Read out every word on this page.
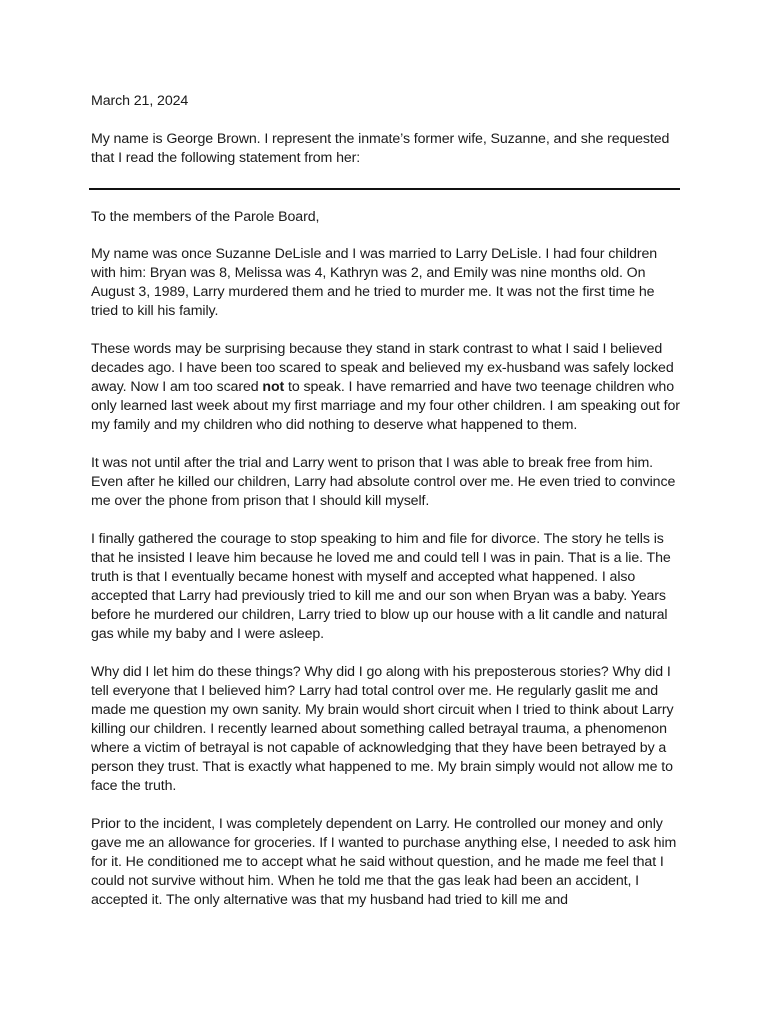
March 21, 2024

My name is George Brown. I represent the inmate’s former wife, Suzanne, and she requested that I read the following statement from her:

To the members of the Parole Board,

My name was once Suzanne DeLisle and I was married to Larry DeLisle. I had four children with him: Bryan was 8, Melissa was 4, Kathryn was 2, and Emily was nine months old. On August 3, 1989, Larry murdered them and he tried to murder me. It was not the first time he tried to kill his family.

These words may be surprising because they stand in stark contrast to what I said I believed decades ago. I have been too scared to speak and believed my ex-husband was safely locked away. Now I am too scared not to speak. I have remarried and have two teenage children who only learned last week about my first marriage and my four other children. I am speaking out for my family and my children who did nothing to deserve what happened to them.

It was not until after the trial and Larry went to prison that I was able to break free from him. Even after he killed our children, Larry had absolute control over me. He even tried to convince me over the phone from prison that I should kill myself.

I finally gathered the courage to stop speaking to him and file for divorce. The story he tells is that he insisted I leave him because he loved me and could tell I was in pain. That is a lie. The truth is that I eventually became honest with myself and accepted what happened. I also accepted that Larry had previously tried to kill me and our son when Bryan was a baby. Years before he murdered our children, Larry tried to blow up our house with a lit candle and natural gas while my baby and I were asleep.

Why did I let him do these things? Why did I go along with his preposterous stories? Why did I tell everyone that I believed him? Larry had total control over me. He regularly gaslit me and made me question my own sanity. My brain would short circuit when I tried to think about Larry killing our children. I recently learned about something called betrayal trauma, a phenomenon where a victim of betrayal is not capable of acknowledging that they have been betrayed by a person they trust. That is exactly what happened to me. My brain simply would not allow me to face the truth.

Prior to the incident, I was completely dependent on Larry. He controlled our money and only gave me an allowance for groceries. If I wanted to purchase anything else, I needed to ask him for it. He conditioned me to accept what he said without question, and he made me feel that I could not survive without him. When he told me that the gas leak had been an accident, I accepted it. The only alternative was that my husband had tried to kill me and
